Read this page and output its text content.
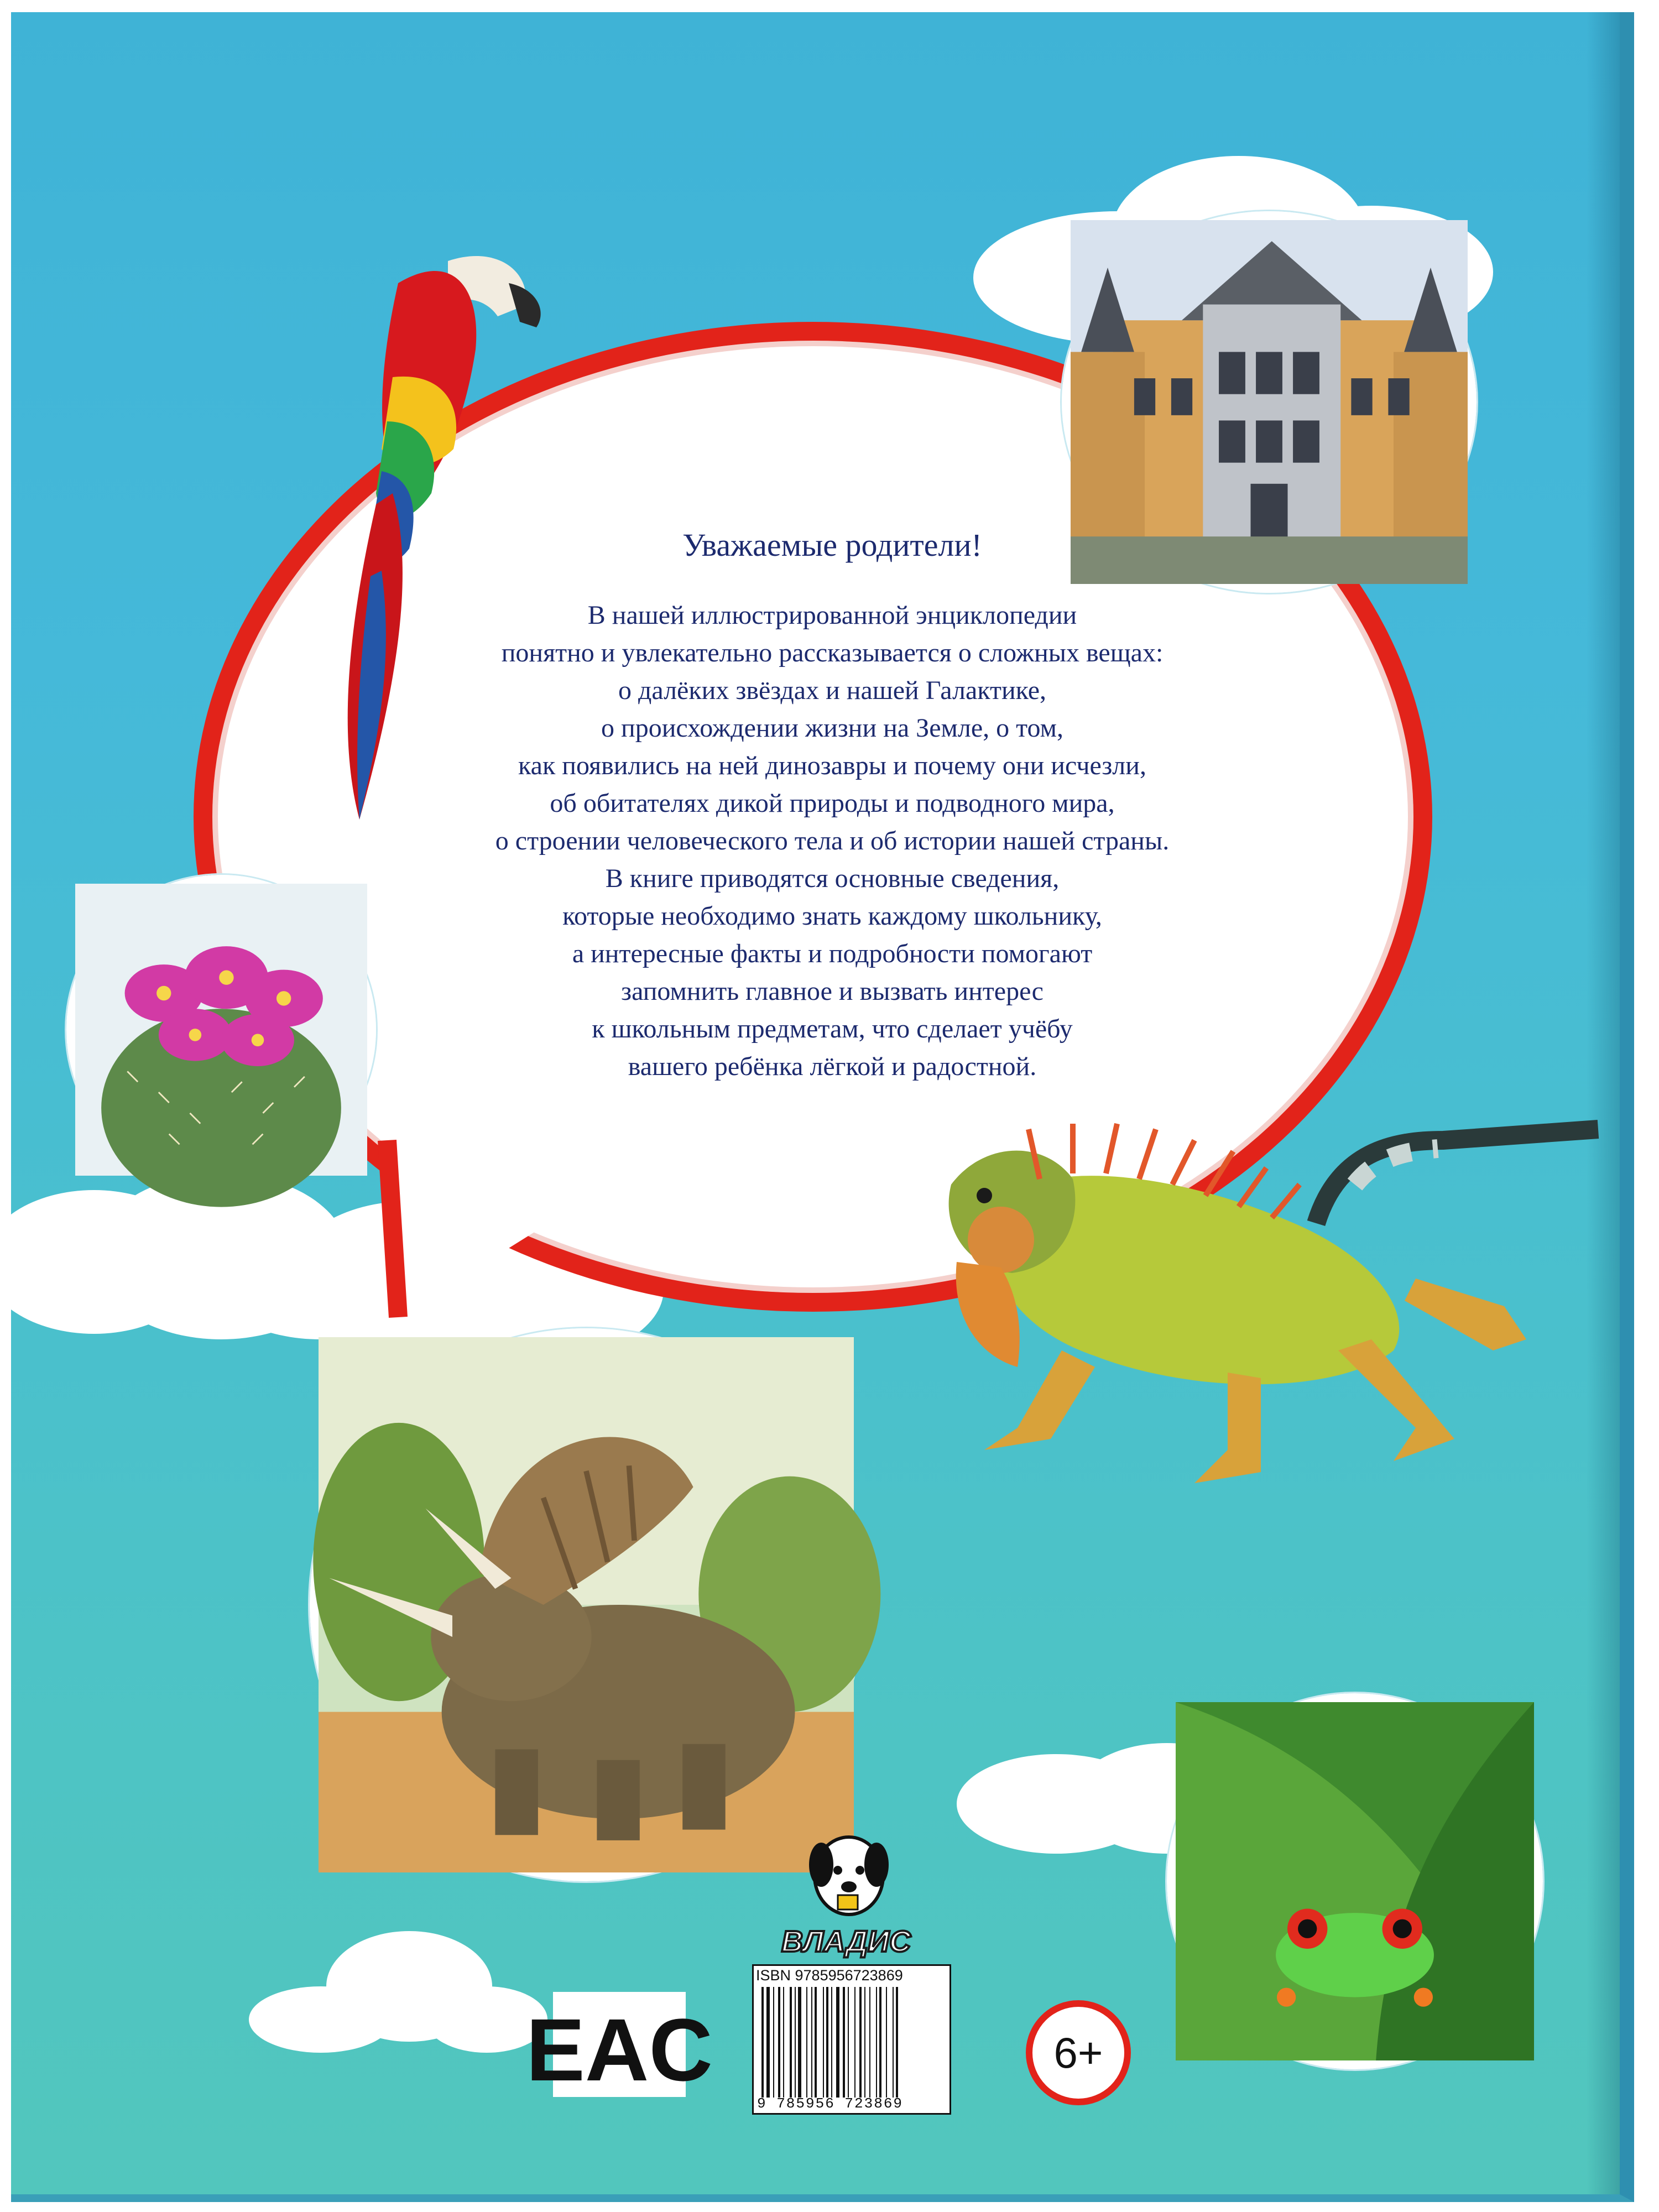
Уважаемые родители!
В нашей иллюстрированной энциклопедии
понятно и увлекательно рассказывается о сложных вещах:
о далёких звёздах и нашей Галактике,
о происхождении жизни на Земле, о том,
как появились на ней динозавры и почему они исчезли,
об обитателях дикой природы и подводного мира,
о строении человеческого тела и об истории нашей страны.
В книге приводятся основные сведения,
которые необходимо знать каждому школьнику,
а интересные факты и подробности помогают
запомнить главное и вызвать интерес
к школьным предметам, что сделает учёбу
вашего ребёнка лёгкой и радостной.
ВЛАДИС
EAC
ISBN 9785956723869
9 785956 723869
6+
